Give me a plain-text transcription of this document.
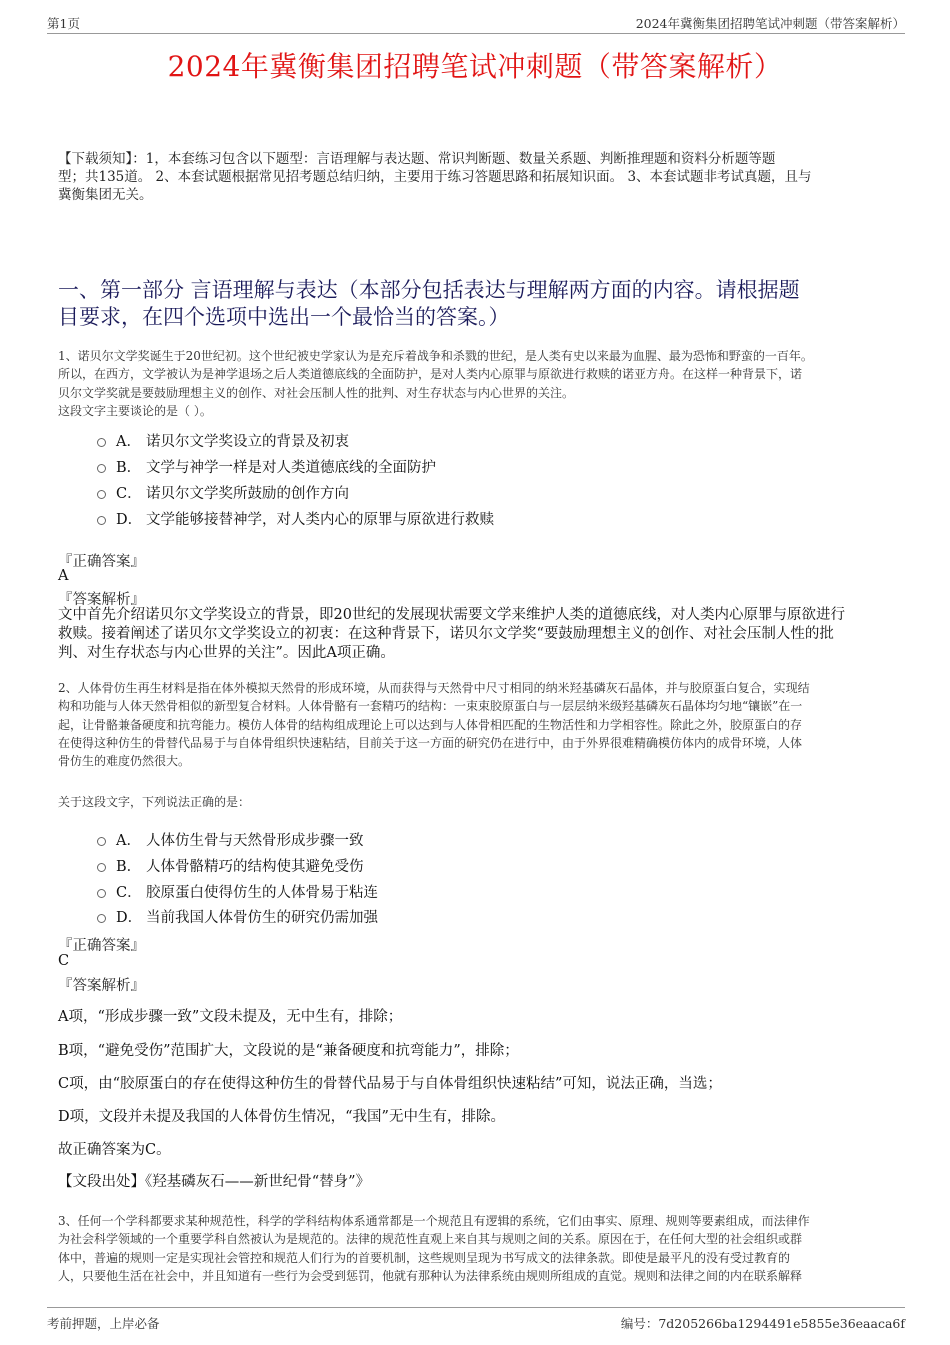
第1页	2024年冀衡集团招聘笔试冲刺题（带答案解析）
2024年冀衡集团招聘笔试冲刺题（带答案解析）
【下载须知】：1，本套练习包含以下题型：言语理解与表达题、常识判断题、数量关系题、判断推理题和资料分析题等题
型；共135道。 2、本套试题根据常见招考题总结归纳，主要用于练习答题思路和拓展知识面。 3、本套试题非考试真题，且与
冀衡集团无关。
一、第一部分 言语理解与表达（本部分包括表达与理解两方面的内容。请根据题
目要求，在四个选项中选出一个最恰当的答案。）
1、诺贝尔文学奖诞生于20世纪初。这个世纪被史学家认为是充斥着战争和杀戮的世纪，是人类有史以来最为血腥、最为恐怖和野蛮的一百年。
所以，在西方，文学被认为是神学退场之后人类道德底线的全面防护，是对人类内心原罪与原欲进行救赎的诺亚方舟。在这样一种背景下，诺
贝尔文学奖就是要鼓励理想主义的创作、对社会压制人性的批判、对生存状态与内心世界的关注。
这段文字主要谈论的是（ ）。
A． 诺贝尔文学奖设立的背景及初衷
B． 文学与神学一样是对人类道德底线的全面防护
C． 诺贝尔文学奖所鼓励的创作方向
D． 文学能够接替神学，对人类内心的原罪与原欲进行救赎
『正确答案』
A
『答案解析』
文中首先介绍诺贝尔文学奖设立的背景，即20世纪的发展现状需要文学来维护人类的道德底线，对人类内心原罪与原欲进行
救赎。接着阐述了诺贝尔文学奖设立的初衷：在这种背景下，诺贝尔文学奖“要鼓励理想主义的创作、对社会压制人性的批
判、对生存状态与内心世界的关注”。因此A项正确。
2、人体骨仿生再生材料是指在体外模拟天然骨的形成环境，从而获得与天然骨中尺寸相同的纳米羟基磷灰石晶体，并与胶原蛋白复合，实现结
构和功能与人体天然骨相似的新型复合材料。人体骨骼有一套精巧的结构：一束束胶原蛋白与一层层纳米级羟基磷灰石晶体均匀地“镶嵌”在一
起，让骨骼兼备硬度和抗弯能力。模仿人体骨的结构组成理论上可以达到与人体骨相匹配的生物活性和力学相容性。除此之外，胶原蛋白的存
在使得这种仿生的骨替代品易于与自体骨组织快速粘结，目前关于这一方面的研究仍在进行中，由于外界很难精确模仿体内的成骨环境，人体
骨仿生的难度仍然很大。
关于这段文字，下列说法正确的是：
A． 人体仿生骨与天然骨形成步骤一致
B． 人体骨骼精巧的结构使其避免受伤
C． 胶原蛋白使得仿生的人体骨易于粘连
D． 当前我国人体骨仿生的研究仍需加强
『正确答案』
C
『答案解析』
A项，“形成步骤一致”文段未提及，无中生有，排除；
B项，“避免受伤”范围扩大，文段说的是“兼备硬度和抗弯能力”，排除；
C项，由“胶原蛋白的存在使得这种仿生的骨替代品易于与自体骨组织快速粘结”可知，说法正确，当选；
D项，文段并未提及我国的人体骨仿生情况，“我国”无中生有，排除。
故正确答案为C。
【文段出处】《羟基磷灰石——新世纪骨“替身”》
3、任何一个学科都要求某种规范性，科学的学科结构体系通常都是一个规范且有逻辑的系统，它们由事实、原理、规则等要素组成，而法律作
为社会科学领域的一个重要学科自然被认为是规范的。法律的规范性直观上来自其与规则之间的关系。原因在于，在任何大型的社会组织或群
体中，普遍的规则一定是实现社会管控和规范人们行为的首要机制，这些规则呈现为书写成文的法律条款。即使是最平凡的没有受过教育的
人，只要他生活在社会中，并且知道有一些行为会受到惩罚，他就有那种认为法律系统由规则所组成的直觉。规则和法律之间的内在联系解释
考前押题，上岸必备	编号：7d205266ba1294491e5855e36eaaca6f
